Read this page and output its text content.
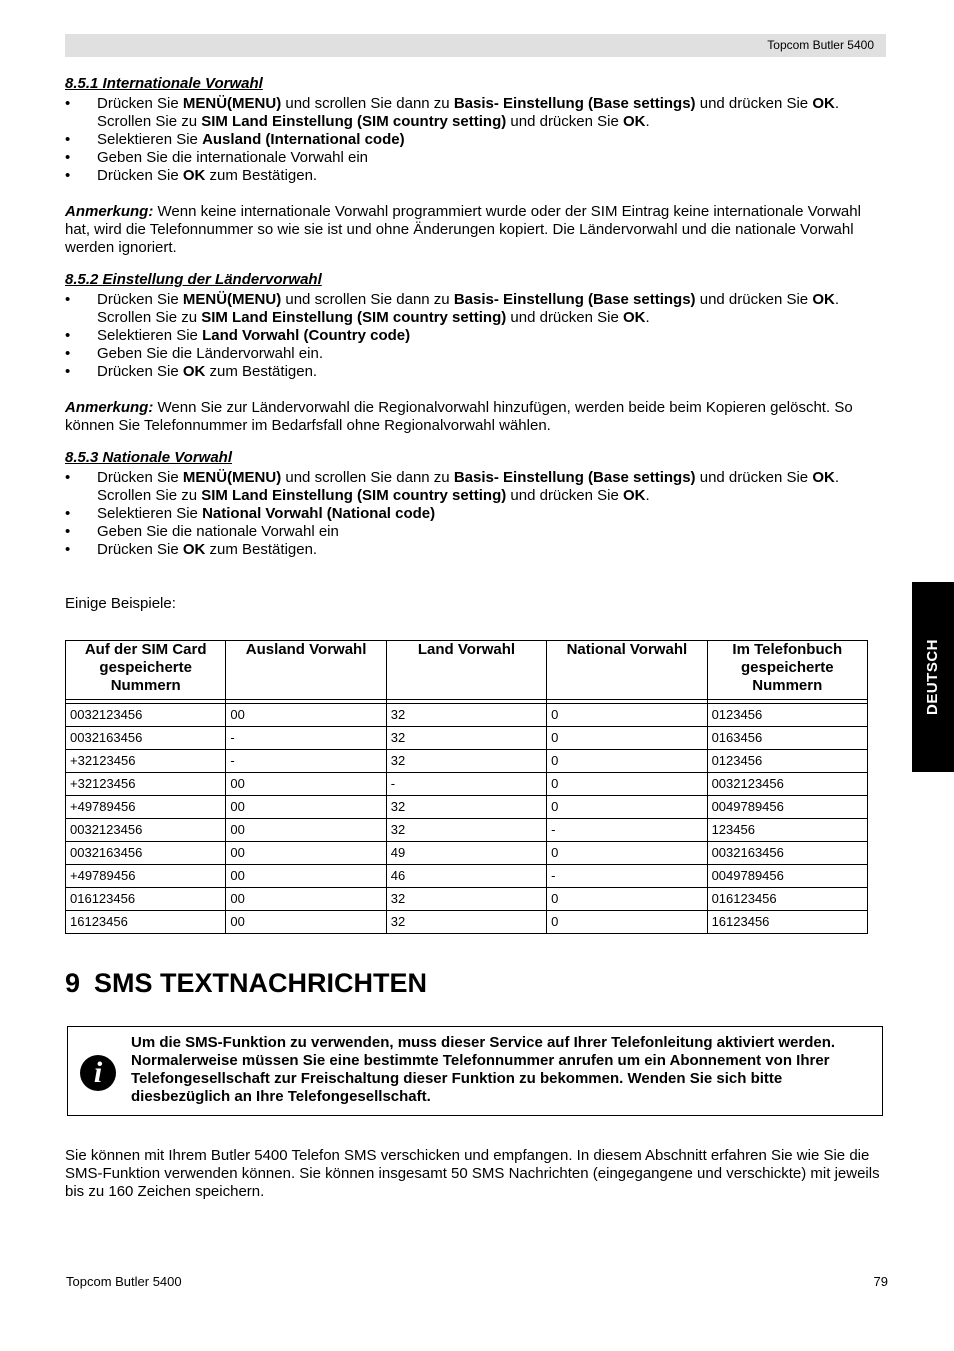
Topcom Butler 5400

8.5.1 Internationale Vorwahl

• Drücken Sie MENÜ(MENU) und scrollen Sie dann zu Basis- Einstellung (Base settings) und drücken Sie OK. Scrollen Sie zu SIM Land Einstellung (SIM country setting) und drücken Sie OK.
• Selektieren Sie Ausland (International code)
• Geben Sie die internationale Vorwahl ein
• Drücken Sie OK zum Bestätigen.

Anmerkung: Wenn keine internationale Vorwahl programmiert wurde oder der SIM Eintrag keine internationale Vorwahl hat, wird die Telefonnummer so wie sie ist und ohne Änderungen kopiert. Die Ländervorwahl und die nationale Vorwahl werden ignoriert.

8.5.2 Einstellung der Ländervorwahl

• Drücken Sie MENÜ(MENU) und scrollen Sie dann zu Basis- Einstellung (Base settings) und drücken Sie OK. Scrollen Sie zu SIM Land Einstellung (SIM country setting) und drücken Sie OK.
• Selektieren Sie Land Vorwahl (Country code)
• Geben Sie die Ländervorwahl ein.
• Drücken Sie OK zum Bestätigen.

Anmerkung: Wenn Sie zur Ländervorwahl die Regionalvorwahl hinzufügen, werden beide beim Kopieren gelöscht. So können Sie Telefonnummer im Bedarfsfall ohne Regionalvorwahl wählen.

8.5.3 Nationale Vorwahl

• Drücken Sie MENÜ(MENU) und scrollen Sie dann zu Basis- Einstellung (Base settings) und drücken Sie OK. Scrollen Sie zu SIM Land Einstellung (SIM country setting) und drücken Sie OK.
• Selektieren Sie National Vorwahl (National code)
• Geben Sie die nationale Vorwahl ein
• Drücken Sie OK zum Bestätigen.

Einige Beispiele:

DEUTSCH
Auf der SIM Card gespeicherte Nummern	Ausland Vorwahl	Land Vorwahl	National Vorwahl	Im Telefonbuch gespeicherte Nummern

0032123456	00	32	0	0123456
0032163456	-	32	0	0163456
+32123456	-	32	0	0123456
+32123456	00	-	0	0032123456
+49789456	00	32	0	0049789456
0032123456	00	32	-	123456
0032163456	00	49	0	0032163456
+49789456	00	46	-	0049789456
016123456	00	32	0	016123456
16123456	00	32	0	16123456
9 SMS TEXTNACHRICHTEN
i
Um die SMS-Funktion zu verwenden, muss dieser Service auf Ihrer Telefonleitung aktiviert werden. Normalerweise müssen Sie eine bestimmte Telefonnummer anrufen um ein Abonnement von Ihrer Telefongesellschaft zur Freischaltung dieser Funktion zu bekommen. Wenden Sie sich bitte diesbezüglich an Ihre Telefongesellschaft.

Sie können mit Ihrem Butler 5400 Telefon SMS verschicken und empfangen. In diesem Abschnitt erfahren Sie wie Sie die SMS-Funktion verwenden können. Sie können insgesamt 50 SMS Nachrichten (eingegangene und verschickte) mit jeweils bis zu 160 Zeichen speichern.

Topcom Butler 5400	79
